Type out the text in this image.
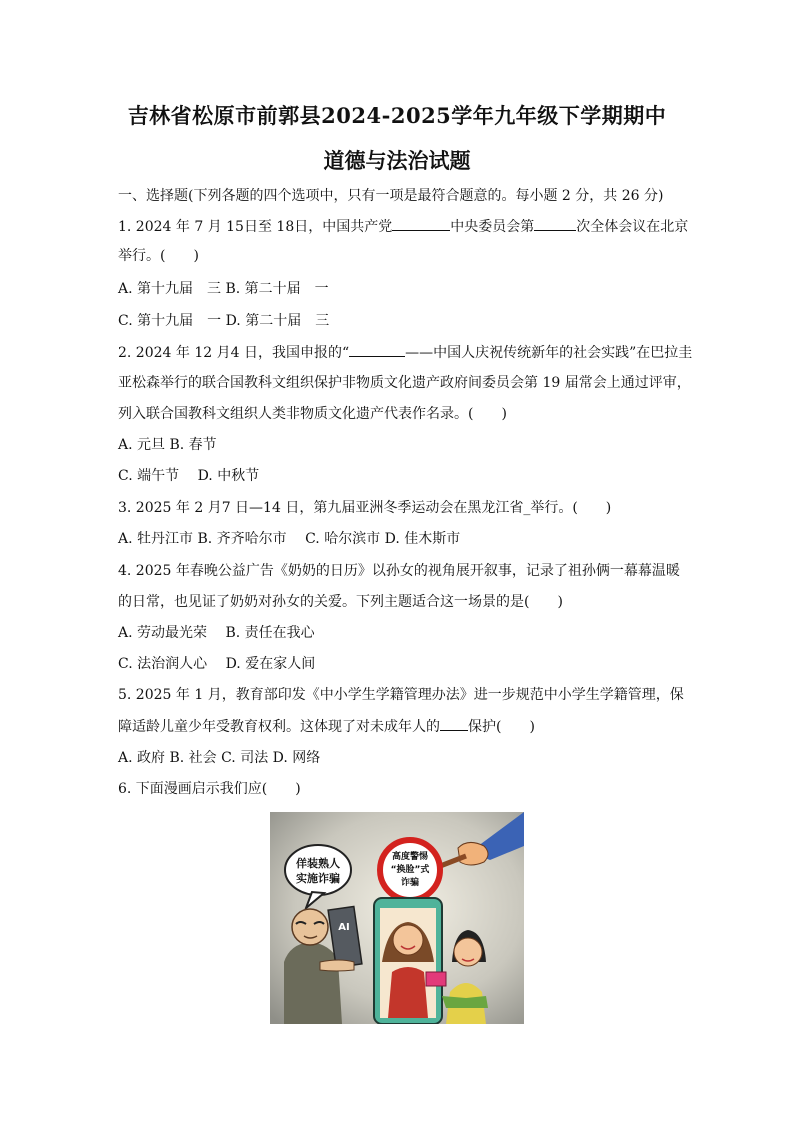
吉林省松原市前郭县2024-2025学年九年级下学期期中
道德与法治试题
一、选择题(下列各题的四个选项中，只有一项是最符合题意的。每小题 2 分，共 26 分)
1. 2024 年 7 月 15日至 18日，中国共产党	中央委员会第	次全体会议在北京
举行。(　　)
A. 第十九届　三 B. 第二十届　一
C. 第十九届　一 D. 第二十届　三
2. 2024 年 12 月4 日，我国申报的“	——中国人庆祝传统新年的社会实践”在巴拉圭
亚松森举行的联合国教科文组织保护非物质文化遗产政府间委员会第 19 届常会上通过评审，
列入联合国教科文组织人类非物质文化遗产代表作名录。(　　)
A. 元旦 B. 春节
C. 端午节　 D. 中秋节
3. 2025 年 2 月7 日—14 日，第九届亚洲冬季运动会在黑龙江省_举行。(　　)
A. 牡丹江市 B. 齐齐哈尔市　 C. 哈尔滨市 D. 佳木斯市
4. 2025 年春晚公益广告《奶奶的日历》以孙女的视角展开叙事，记录了祖孙俩一幕幕温暖
的日常，也见证了奶奶对孙女的关爱。下列主题适合这一场景的是(　　)
A. 劳动最光荣　 B. 责任在我心
C. 法治润人心　 D. 爱在家人间
5. 2025 年 1 月，教育部印发《中小学生学籍管理办法》进一步规范中小学生学籍管理，保
障适龄儿童少年受教育权利。这体现了对未成年人的 保护(　　)
A. 政府 B. 社会 C. 司法 D. 网络
6. 下面漫画启示我们应(　　)
高度警惕
“换脸”式
诈骗
佯装熟人
实施诈骗
AI
